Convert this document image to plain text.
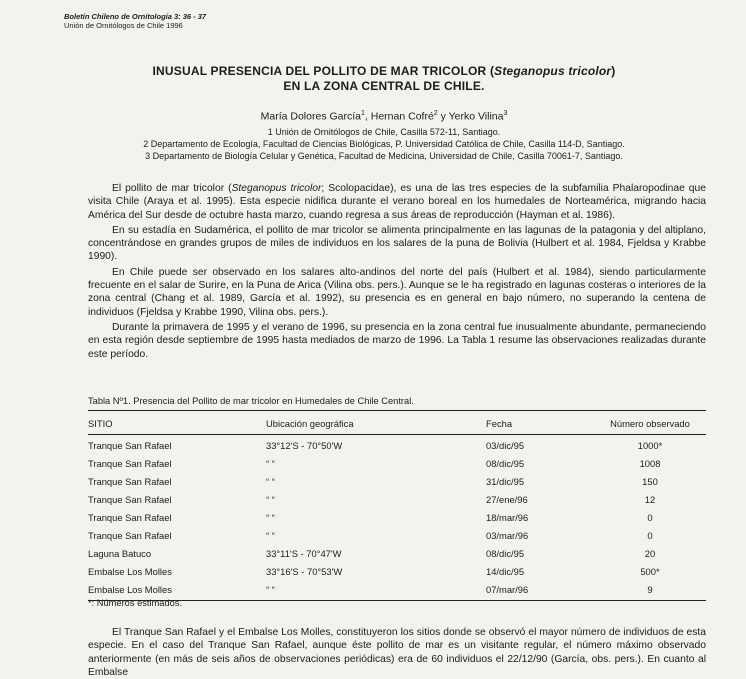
Boletín Chileno de Ornitología 3: 36 - 37
Unión de Ornitólogos de Chile 1996
INUSUAL PRESENCIA DEL POLLITO DE MAR TRICOLOR (Steganopus tricolor)
EN LA ZONA CENTRAL DE CHILE.
María Dolores García$^1$, Hernan Cofré$^2$ y Yerko Vilina$^3$
1 Unión de Ornitólogos de Chile, Casilla 572-11, Santiago.
2 Departamento de Ecología, Facultad de Ciencias Biológicas, P. Universidad Católica de Chile, Casilla 114-D, Santiago.
3 Departamento de Biología Celular y Genética, Facultad de Medicina, Universidad de Chile, Casilla 70061-7, Santiago.

El pollito de mar tricolor (Steganopus tricolor; Scolopacidae), es una de las tres especies de la subfamilia Phalaropodinae que visita Chile (Araya et al. 1995). Esta especie nidifica durante el verano boreal en los humedales de Norteamérica, migrando hacia América del Sur desde de octubre hasta marzo, cuando regresa a sus áreas de reproducción (Hayman et al. 1986).

En su estadía en Sudamérica, el pollito de mar tricolor se alimenta principalmente en las lagunas de la patagonia y del altiplano, concentrándose en grandes grupos de miles de individuos en los salares de la puna de Bolivia (Hulbert et al. 1984, Fjeldsa y Krabbe 1990).

En Chile puede ser observado en los salares alto-andinos del norte del país (Hulbert et al. 1984), siendo particularmente frecuente en el salar de Surire, en la Puna de Arica (Vilina obs. pers.). Aunque se le ha registrado en lagunas costeras o interiores de la zona central (Chang et al. 1989, García et al. 1992), su presencia es en general en bajo número, no superando la centena de individuos (Fjeldsa y Krabbe 1990, Vilina obs. pers.).

Durante la primavera de 1995 y el verano de 1996, su presencia en la zona central fue inusualmente abundante, permaneciendo en esta región desde septiembre de 1995 hasta mediados de marzo de 1996. La Tabla 1 resume las observaciones realizadas durante este período.

Tabla Nº1. Presencia del Pollito de mar tricolor en Humedales de Chile Central.
SITIO	Ubicación geográfica	Fecha	Número observado
Tranque San Rafael	33°12'S - 70°50'W	03/dic/95	1000*
Tranque San Rafael	“ “	08/dic/95	1008
Tranque San Rafael	“ “	31/dic/95	150
Tranque San Rafael	“ “	27/ene/96	12
Tranque San Rafael	“ “	18/mar/96	0
Tranque San Rafael	“ “	03/mar/96	0
Laguna Batuco	33°11'S - 70°47'W	08/dic/95	20
Embalse Los Molles	33°16'S - 70°53'W	14/dic/95	500*
Embalse Los Molles	“ “	07/mar/96	9
*: Números estimados.

El Tranque San Rafael y el Embalse Los Molles, constituyeron los sitios donde se observó el mayor número de individuos de esta especie. En el caso del Tranque San Rafael, aunque éste pollito de mar es un visitante regular, el número máximo observado anteriormente (en más de seis años de observaciones periódicas) era de 60 individuos el 22/12/90 (García, obs. pers.). En cuanto al Embalse
